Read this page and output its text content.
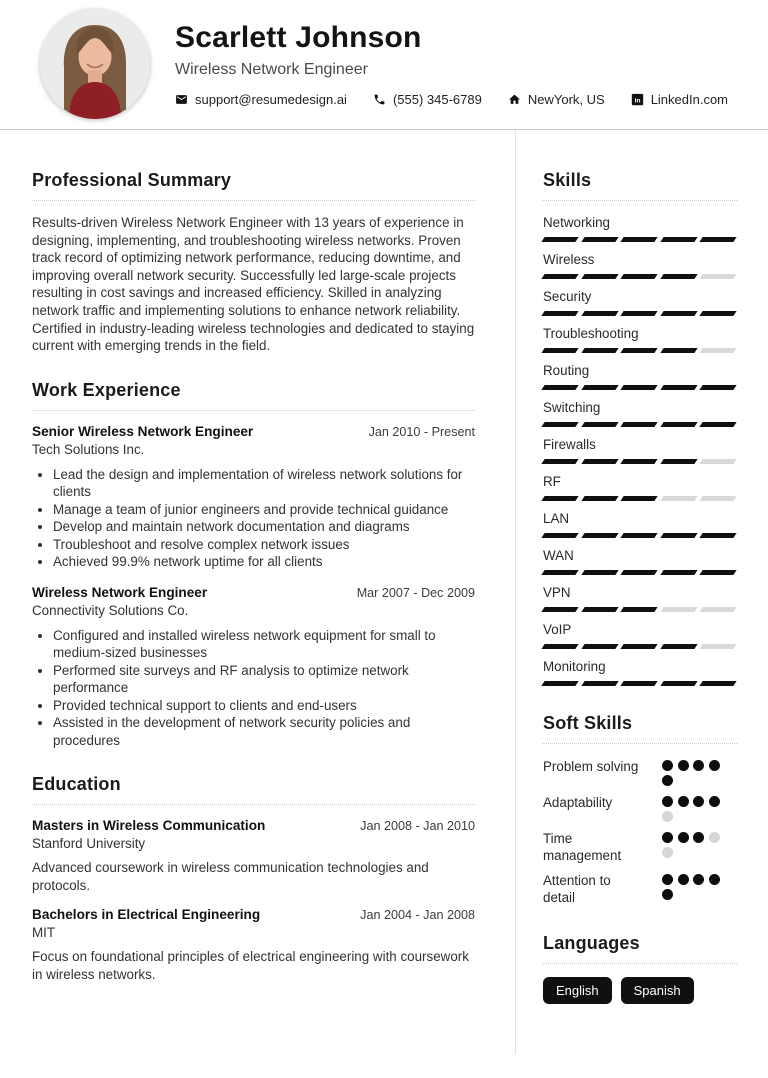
Scarlett Johnson
Wireless Network Engineer
support@resumedesign.ai	(555) 345-6789	NewYork, US in LinkedIn.com
Professional Summary

Results-driven Wireless Network Engineer with 13 years of experience in designing, implementing, and troubleshooting wireless networks. Proven track record of optimizing network performance, reducing downtime, and improving overall network security. Successfully led large-scale projects resulting in cost savings and increased efficiency. Skilled in analyzing network traffic and implementing solutions to enhance network reliability. Certified in industry-leading wireless technologies and dedicated to staying current with emerging trends in the field.

Work Experience
Senior Wireless Network Engineer	Jan 2010 - Present
Tech Solutions Inc.
• Lead the design and implementation of wireless network solutions for clients
• Manage a team of junior engineers and provide technical guidance
• Develop and maintain network documentation and diagrams
• Troubleshoot and resolve complex network issues
• Achieved 99.9% network uptime for all clients
Wireless Network Engineer	Mar 2007 - Dec 2009
Connectivity Solutions Co.
• Configured and installed wireless network equipment for small to medium-sized businesses
• Performed site surveys and RF analysis to optimize network performance
• Provided technical support to clients and end-users
• Assisted in the development of network security policies and procedures
Education
Masters in Wireless Communication	Jan 2008 - Jan 2010
Stanford University

Advanced coursework in wireless communication technologies and protocols.

Bachelors in Electrical Engineering	Jan 2004 - Jan 2008
MIT

Focus on foundational principles of electrical engineering with coursework in wireless networks.

Skills
Networking
Wireless
Security
Troubleshooting
Routing
Switching
Firewalls
RF
LAN
WAN
VPN
VoIP
Monitoring
Soft Skills
Problem solving
Adaptability
Time management
Attention to detail
Languages
English	Spanish
